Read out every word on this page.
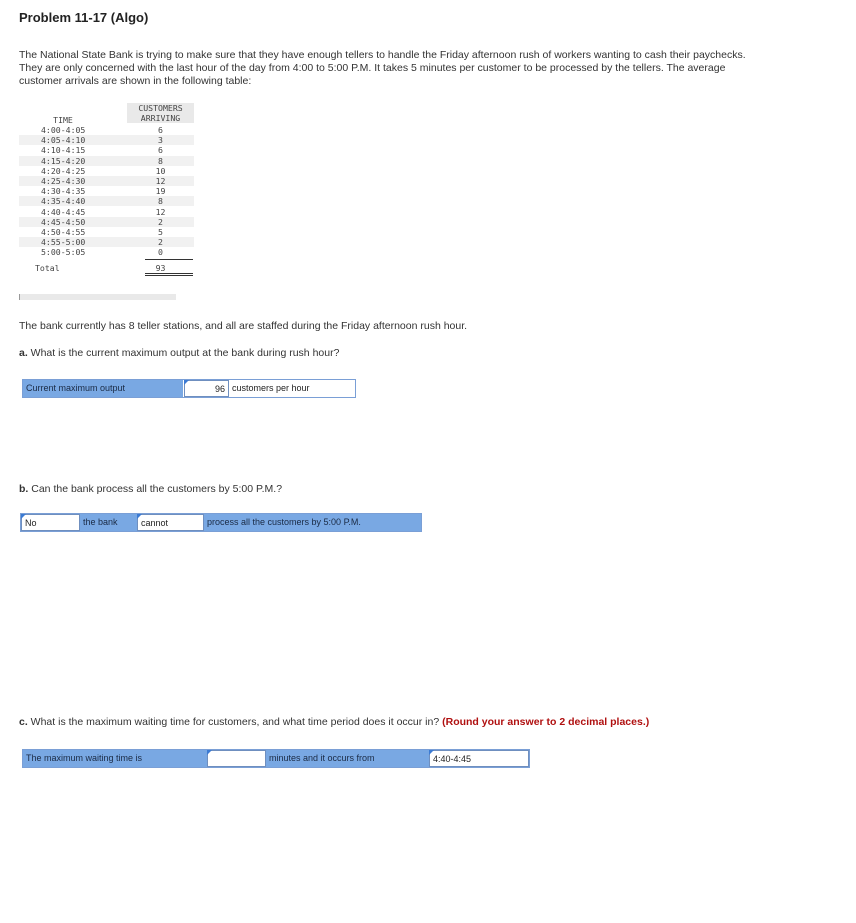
Problem 11-17 (Algo)
The National State Bank is trying to make sure that they have enough tellers to handle the Friday afternoon rush of workers wanting to cash their paychecks. They are only concerned with the last hour of the day from 4:00 to 5:00 P.M. It takes 5 minutes per customer to be processed by the tellers. The average customer arrivals are shown in the following table:
TIME
CUSTOMERS
ARRIVING
4:00-4:05	6
4:05-4:10	3
4:10-4:15	6
4:15-4:20	8
4:20-4:25	10
4:25-4:30	12
4:30-4:35	19
4:35-4:40	8
4:40-4:45	12
4:45-4:50	2
4:50-4:55	5
4:55-5:00	2
5:00-5:05	0
Total	93
The bank currently has 8 teller stations, and all are staffed during the Friday afternoon rush hour.
a. What is the current maximum output at the bank during rush hour?
Current maximum output	96 customers per hour
b. Can the bank process all the customers by 5:00 P.M.?
No	the bank	cannot	process all the customers by 5:00 P.M.
c. What is the maximum waiting time for customers, and what time period does it occur in? (Round your answer to 2 decimal places.)
The maximum waiting time is	minutes and it occurs from	4:40-4:45
